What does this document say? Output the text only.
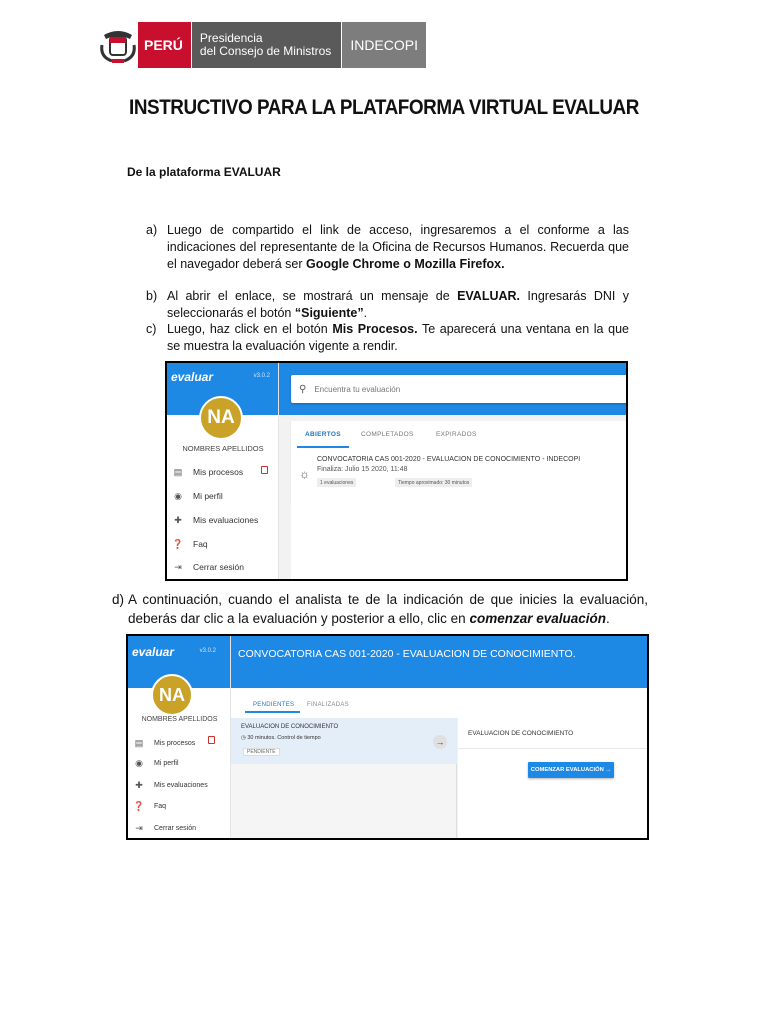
PERÚ	Presidencia
del Consejo de Ministros	INDECOPI
INSTRUCTIVO PARA LA PLATAFORMA VIRTUAL EVALUAR
De la plataforma EVALUAR
a) Luego de compartido el link de acceso, ingresaremos a el conforme a las indicaciones del representante de la Oficina de Recursos Humanos. Recuerda que el navegador deberá ser Google Chrome o Mozilla Firefox.
b) Al abrir el enlace, se mostrará un mensaje de EVALUAR. Ingresarás DNI y seleccionarás el botón “Siguiente”.
c) Luego, haz click en el botón Mis Procesos. Te aparecerá una ventana en la que se muestra la evaluación vigente a rendir.
evaluar	v3.0.2
NA
NOMBRES APELLIDOS
▤ Mis procesos
◉ Mi perfil
✚ Mis evaluaciones
❓ Faq
⇥ Cerrar sesión
⚲ Encuentra tu evaluación
ABIERTOS	COMPLETADOS	EXPIRADOS
☼
CONVOCATORIA CAS 001-2020 - EVALUACION DE CONOCIMIENTO - INDECOPI
Finaliza: Julio 15 2020, 11:48
1 evaluaciones	Tiempo aproximado: 30 minutos
d) A continuación, cuando el analista te de la indicación de que inicies la evaluación, deberás dar clic a la evaluación y posterior a ello, clic en comenzar evaluación.
evaluar	v3.0.2
NA
NOMBRES APELLIDOS
▤ Mis procesos
◉ Mi perfil
✚ Mis evaluaciones
❓ Faq
⇥ Cerrar sesión
CONVOCATORIA CAS 001-2020 - EVALUACION DE CONOCIMIENTO.
PENDIENTES FINALIZADAS
EVALUACION DE CONOCIMIENTO
◷ 30 minutos. Control de tiempo
PENDIENTE
→
EVALUACION DE CONOCIMIENTO
COMENZAR EVALUACIÓN →
